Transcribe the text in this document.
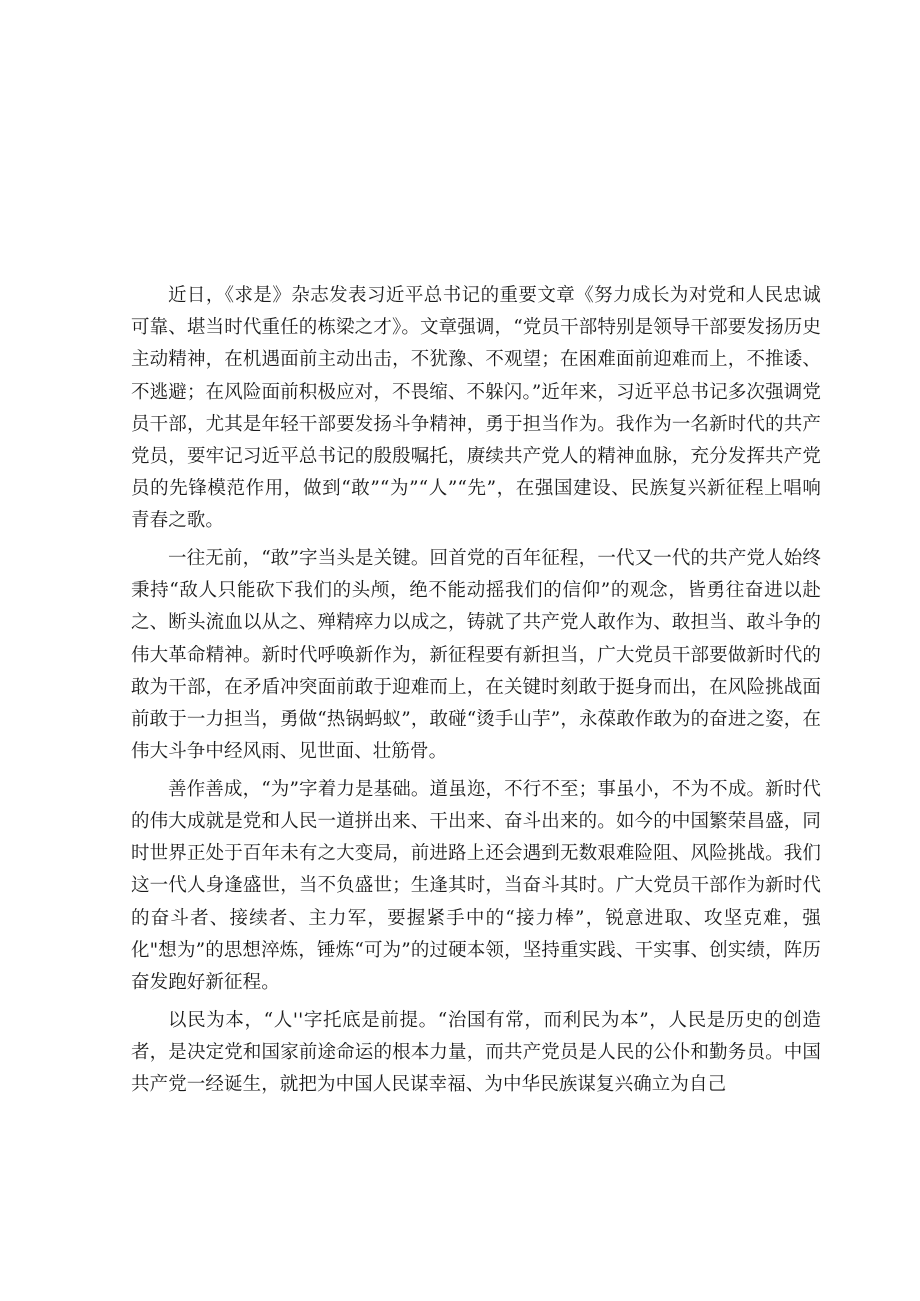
近日，《求是》杂志发表习近平总书记的重要文章《努力成长为对党和人民忠诚可靠、堪当时代重任的栋梁之才》。文章强调，“党员干部特别是领导干部要发扬历史主动精神，在机遇面前主动出击，不犹豫、不观望；在困难面前迎难而上，不推诿、不逃避；在风险面前积极应对，不畏缩、不躲闪。”近年来，习近平总书记多次强调党员干部，尤其是年轻干部要发扬斗争精神，勇于担当作为。我作为一名新时代的共产党员，要牢记习近平总书记的殷殷嘱托，赓续共产党人的精神血脉，充分发挥共产党员的先锋模范作用，做到“敢”“为”“人”“先”，在强国建设、民族复兴新征程上唱响青春之歌。

一往无前，“敢”字当头是关键。回首党的百年征程，一代又一代的共产党人始终秉持“敌人只能砍下我们的头颅，绝不能动摇我们的信仰”的观念，皆勇往奋进以赴之、断头流血以从之、殚精瘁力以成之，铸就了共产党人敢作为、敢担当、敢斗争的伟大革命精神。新时代呼唤新作为，新征程要有新担当，广大党员干部要做新时代的敢为干部，在矛盾冲突面前敢于迎难而上，在关键时刻敢于挺身而出，在风险挑战面前敢于一力担当，勇做“热锅蚂蚁”，敢碰“烫手山芋”，永葆敢作敢为的奋进之姿，在伟大斗争中经风雨、见世面、壮筋骨。

善作善成，“为”字着力是基础。道虽迩，不行不至；事虽小，不为不成。新时代的伟大成就是党和人民一道拼出来、干出来、奋斗出来的。如今的中国繁荣昌盛，同时世界正处于百年未有之大变局，前进路上还会遇到无数艰难险阻、风险挑战。我们这一代人身逢盛世，当不负盛世；生逢其时，当奋斗其时。广大党员干部作为新时代的奋斗者、接续者、主力军，要握紧手中的“接力棒”，锐意进取、攻坚克难，强化"想为”的思想淬炼，锤炼“可为”的过硬本领，坚持重实践、干实事、创实绩，阵历奋发跑好新征程。

以民为本，“人''字托底是前提。“治国有常，而利民为本”，人民是历史的创造者，是决定党和国家前途命运的根本力量，而共产党员是人民的公仆和勤务员。中国共产党一经诞生，就把为中国人民谋幸福、为中华民族谋复兴确立为自己
